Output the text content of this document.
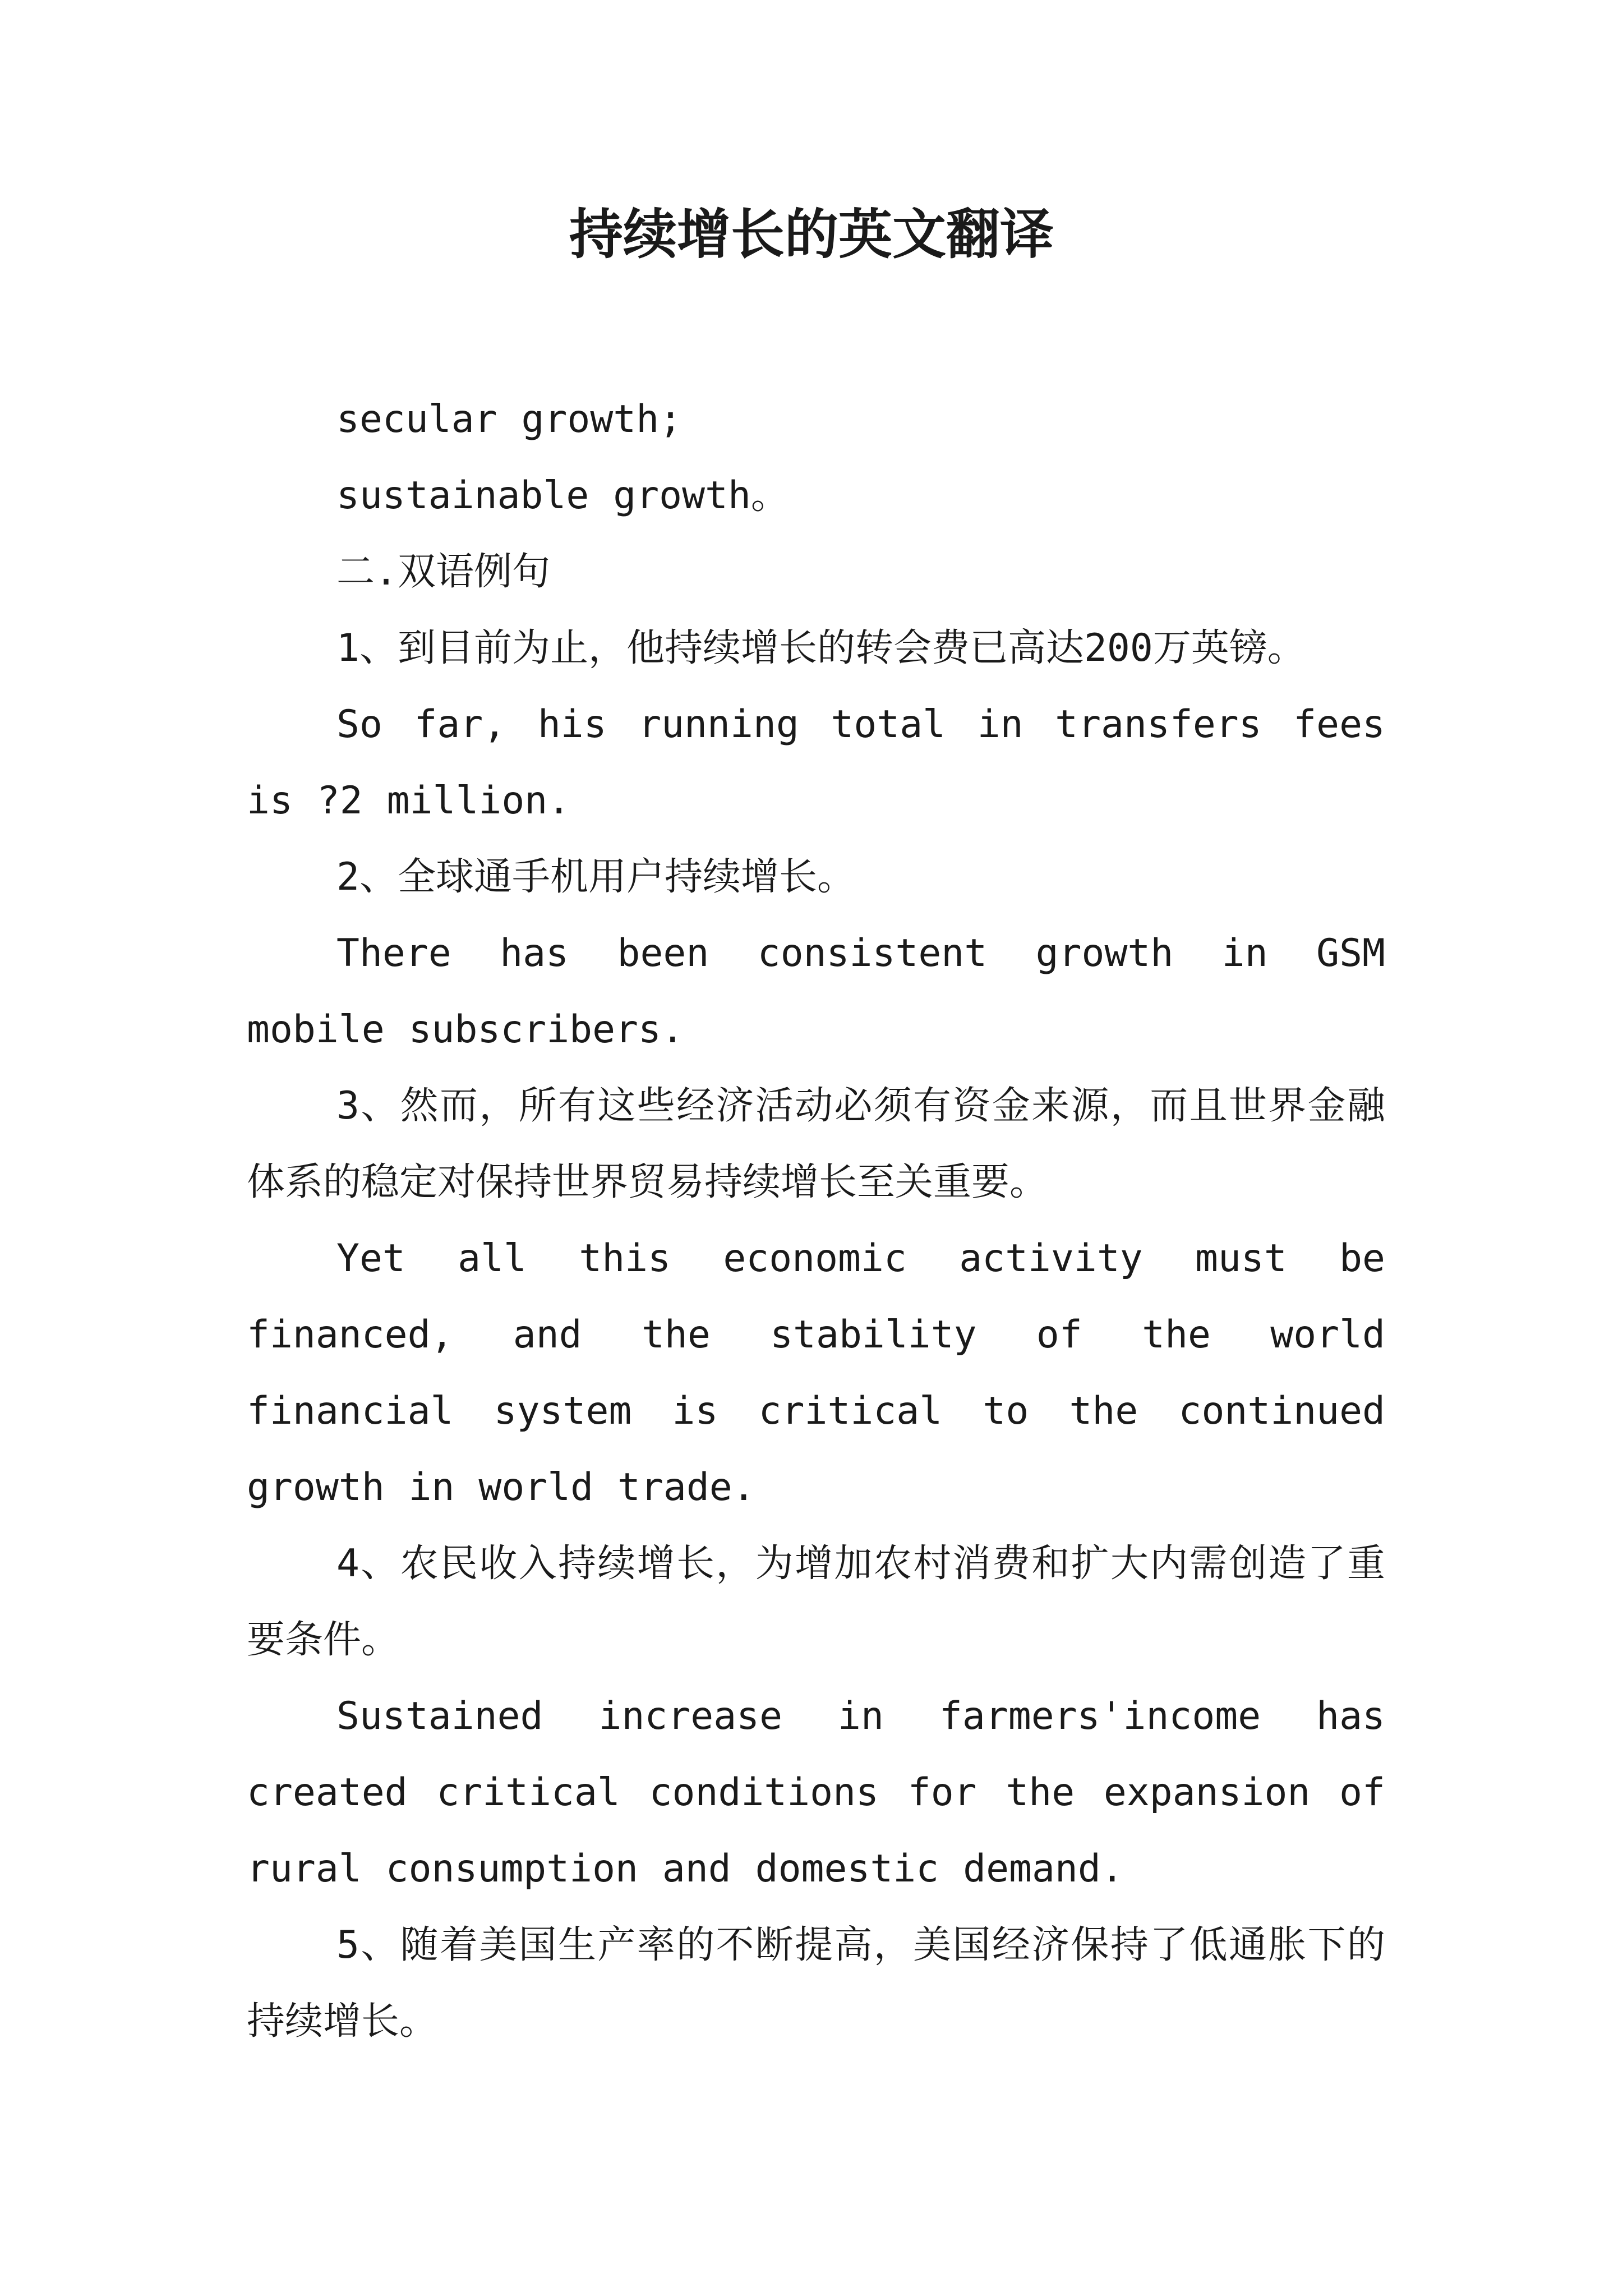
持续增长的英文翻译

secular growth;

sustainable growth。

二.双语例句

1、到目前为止，他持续增长的转会费已高达200万英镑。

So far, his running total in transfers fees is ?2 million.

2、全球通手机用户持续增长。

There has been consistent growth in GSM mobile subscribers.

3、然而，所有这些经济活动必须有资金来源，而且世界金融体系的稳定对保持世界贸易持续增长至关重要。

Yet all this economic activity must be financed, and the stability of the world financial system is critical to the continued growth in world trade.

4、农民收入持续增长，为增加农村消费和扩大内需创造了重要条件。

Sustained increase in farmers'income has created critical conditions for the expansion of rural consumption and domestic demand.

5、随着美国生产率的不断提高，美国经济保持了低通胀下的持续增长。
